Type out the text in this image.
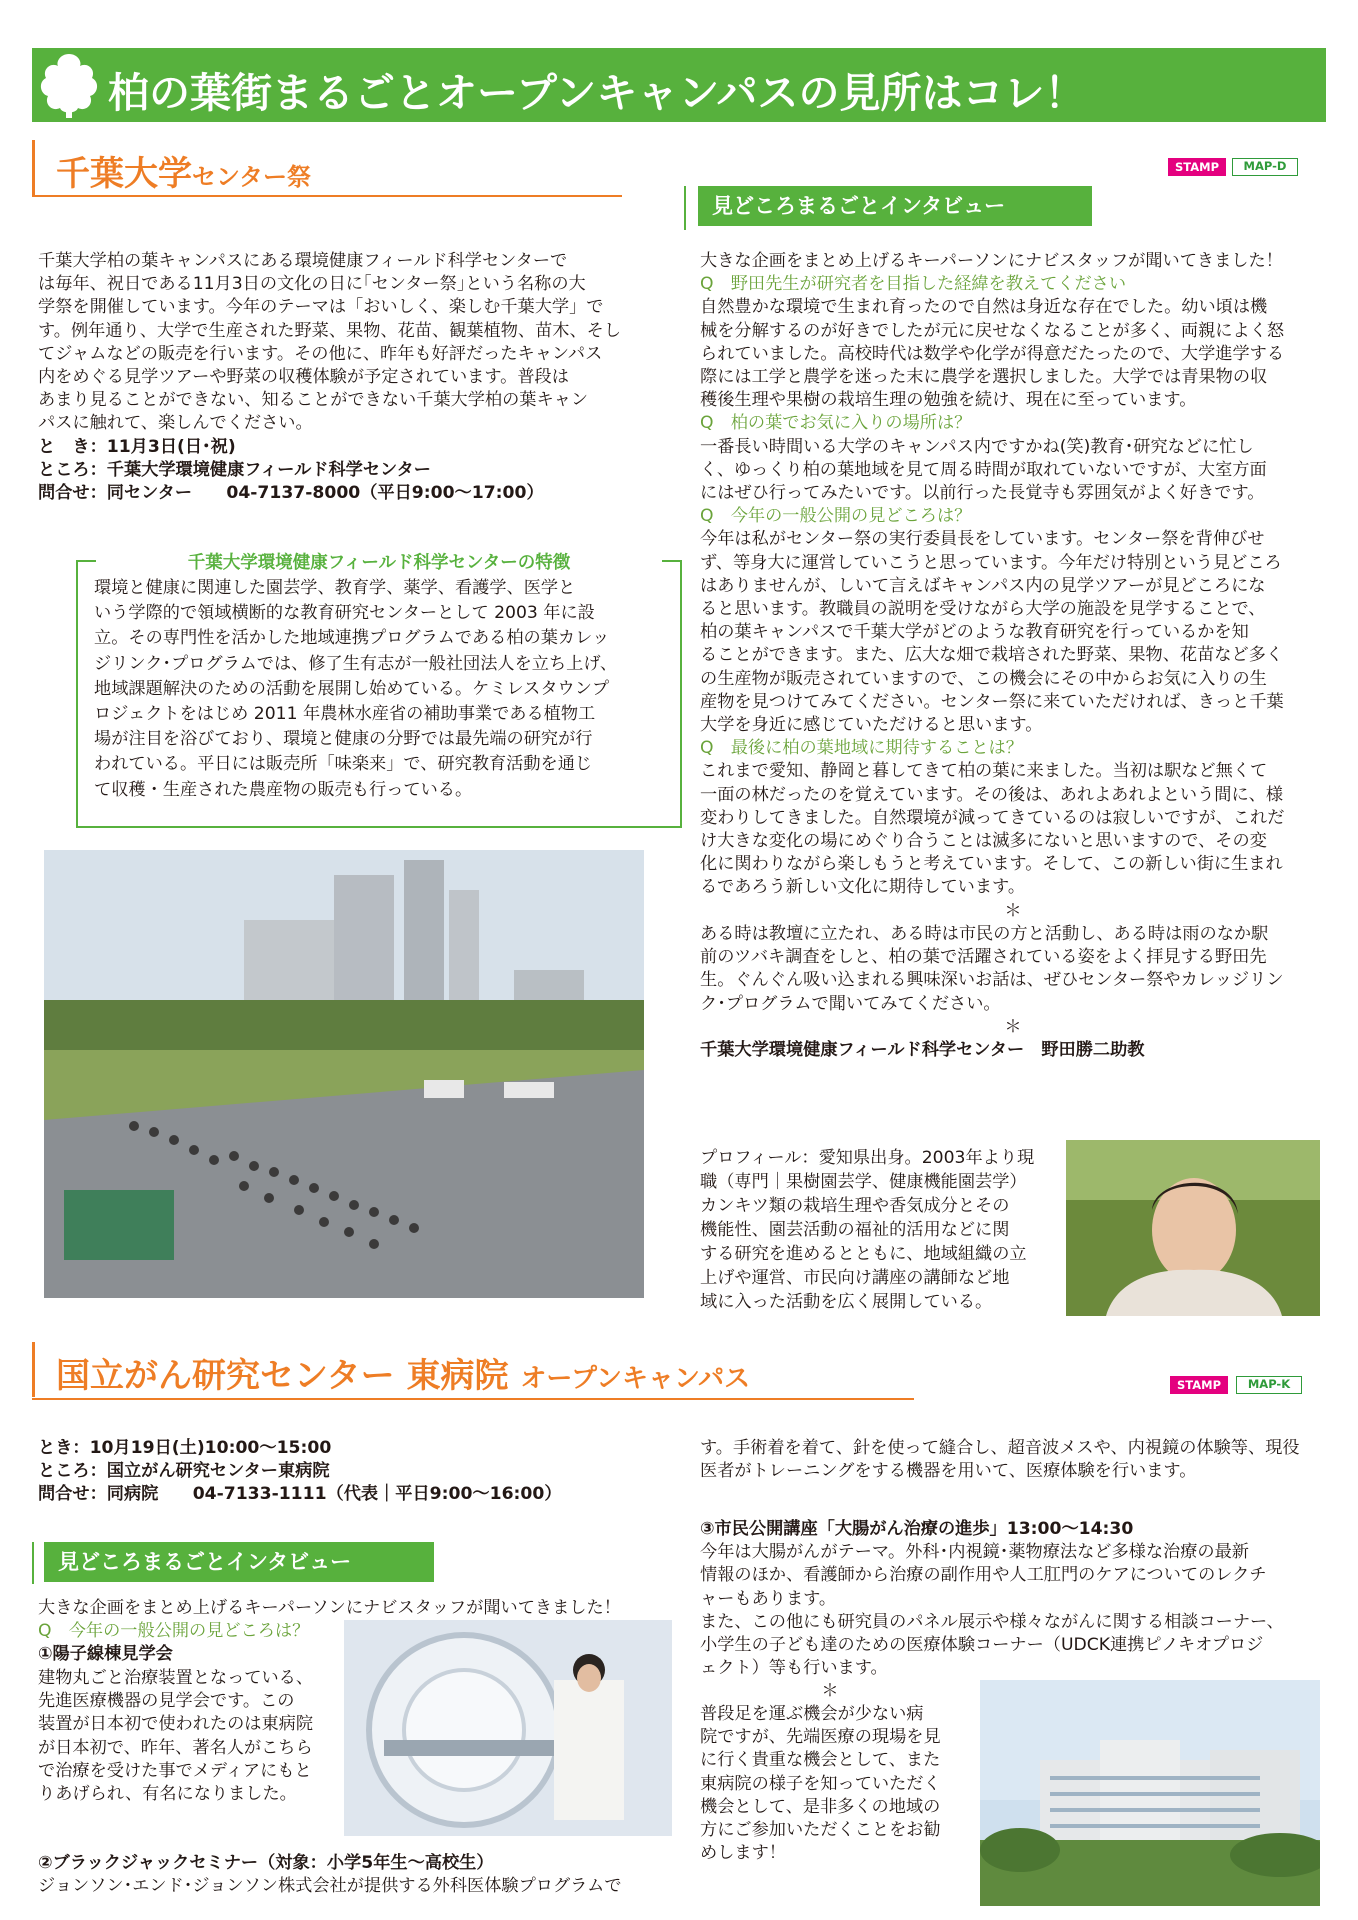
柏の葉街まるごとオープンキャンパスの見所はコレ！
千葉大学センター祭	STAMP	MAP-D

千葉大学柏の葉キャンパスにある環境健康フィールド科学センターで

は毎年、祝日である11月3日の文化の日に｢センター祭｣という名称の大

学祭を開催しています。今年のテーマは「おいしく、楽しむ千葉大学」で

す。例年通り、大学で生産された野菜、果物、花苗、観葉植物、苗木、そし

てジャムなどの販売を行います。その他に、昨年も好評だったキャンパス

内をめぐる見学ツアーや野菜の収穫体験が予定されています。普段は

あまり見ることができない、知ることができない千葉大学柏の葉キャン

パスに触れて、楽しんでください。

と　き：11月3日(日･祝)

ところ：千葉大学環境健康フィールド科学センター

問合せ：同センター　　04-7137-8000（平日9:00～17:00）

千葉大学環境健康フィールド科学センターの特徴

環境と健康に関連した園芸学、教育学、薬学、看護学、医学と

いう学際的で領域横断的な教育研究センターとして 2003 年に設

立。その専門性を活かした地域連携プログラムである柏の葉カレッ

ジリンク･プログラムでは、修了生有志が一般社団法人を立ち上げ、

地域課題解決のための活動を展開し始めている。ケミレスタウンプ

ロジェクトをはじめ 2011 年農林水産省の補助事業である植物工

場が注目を浴びており、環境と健康の分野では最先端の研究が行

われている。平日には販売所「味楽来」で、研究教育活動を通じ

て収穫・生産された農産物の販売も行っている。

見どころまるごとインタビュー

大きな企画をまとめ上げるキーパーソンにナビスタッフが聞いてきました！

Q　野田先生が研究者を目指した経緯を教えてください

自然豊かな環境で生まれ育ったので自然は身近な存在でした。幼い頃は機

械を分解するのが好きでしたが元に戻せなくなることが多く、両親によく怒

られていました。高校時代は数学や化学が得意だたったので、大学進学する

際には工学と農学を迷った末に農学を選択しました。大学では青果物の収

穫後生理や果樹の栽培生理の勉強を続け、現在に至っています。

Q　柏の葉でお気に入りの場所は？

一番長い時間いる大学のキャンパス内ですかね(笑)教育･研究などに忙し

く、ゆっくり柏の葉地域を見て周る時間が取れていないですが、大室方面

にはぜひ行ってみたいです。以前行った長覚寺も雰囲気がよく好きです。

Q　今年の一般公開の見どころは？

今年は私がセンター祭の実行委員長をしています。センター祭を背伸びせ

ず、等身大に運営していこうと思っています。今年だけ特別という見どころ

はありませんが、しいて言えばキャンパス内の見学ツアーが見どころにな

ると思います。教職員の説明を受けながら大学の施設を見学することで、

柏の葉キャンパスで千葉大学がどのような教育研究を行っているかを知

ることができます。また、広大な畑で栽培された野菜、果物、花苗など多く

の生産物が販売されていますので、この機会にその中からお気に入りの生

産物を見つけてみてください。センター祭に来ていただければ、きっと千葉

大学を身近に感じていただけると思います。

Q　最後に柏の葉地域に期待することは？

これまで愛知、静岡と暮してきて柏の葉に来ました。当初は駅など無くて

一面の林だったのを覚えています。その後は、あれよあれよという間に、様

変わりしてきました。自然環境が減ってきているのは寂しいですが、これだ

け大きな変化の場にめぐり合うことは滅多にないと思いますので、その変

化に関わりながら楽しもうと考えています。そして、この新しい街に生まれ

るであろう新しい文化に期待しています。

＊

ある時は教壇に立たれ、ある時は市民の方と活動し、ある時は雨のなか駅

前のツバキ調査をしと、柏の葉で活躍されている姿をよく拝見する野田先

生。ぐんぐん吸い込まれる興味深いお話は、ぜひセンター祭やカレッジリン

ク･プログラムで聞いてみてください。

＊

千葉大学環境健康フィールド科学センター　野田勝二助教

プロフィール：愛知県出身。2003年より現

職（専門｜果樹園芸学、健康機能園芸学）

カンキツ類の栽培生理や香気成分とその

機能性、園芸活動の福祉的活用などに関

する研究を進めるとともに、地域組織の立

上げや運営、市民向け講座の講師など地

域に入った活動を広く展開している。

国立がん研究センター 東病院 オープンキャンパス	STAMP	MAP-K

とき：10月19日(土)10:00～15:00

ところ：国立がん研究センター東病院

問合せ：同病院　　04-7133-1111（代表｜平日9:00～16:00）

見どころまるごとインタビュー

大きな企画をまとめ上げるキーパーソンにナビスタッフが聞いてきました！

Q　今年の一般公開の見どころは？

①陽子線棟見学会

建物丸ごと治療装置となっている、

先進医療機器の見学会です。この

装置が日本初で使われたのは東病院

が日本初で、昨年、著名人がこちら

で治療を受けた事でメディアにもと

りあげられ、有名になりました。

②ブラックジャックセミナー（対象：小学5年生～高校生）

ジョンソン･エンド･ジョンソン株式会社が提供する外科医体験プログラムで

す。手術着を着て、針を使って縫合し、超音波メスや、内視鏡の体験等、現役

医者がトレーニングをする機器を用いて、医療体験を行います。

③市民公開講座「大腸がん治療の進歩」13:00～14:30

今年は大腸がんがテーマ。外科･内視鏡･薬物療法など多様な治療の最新

情報のほか、看護師から治療の副作用や人工肛門のケアについてのレクチ

ャーもあります。

また、この他にも研究員のパネル展示や様々ながんに関する相談コーナー、

小学生の子ども達のための医療体験コーナー（UDCK連携ピノキオプロジ

ェクト）等も行います。

＊

普段足を運ぶ機会が少ない病

院ですが、先端医療の現場を見

に行く貴重な機会として、また

東病院の様子を知っていただく

機会として、是非多くの地域の

方にご参加いただくことをお勧

めします！
